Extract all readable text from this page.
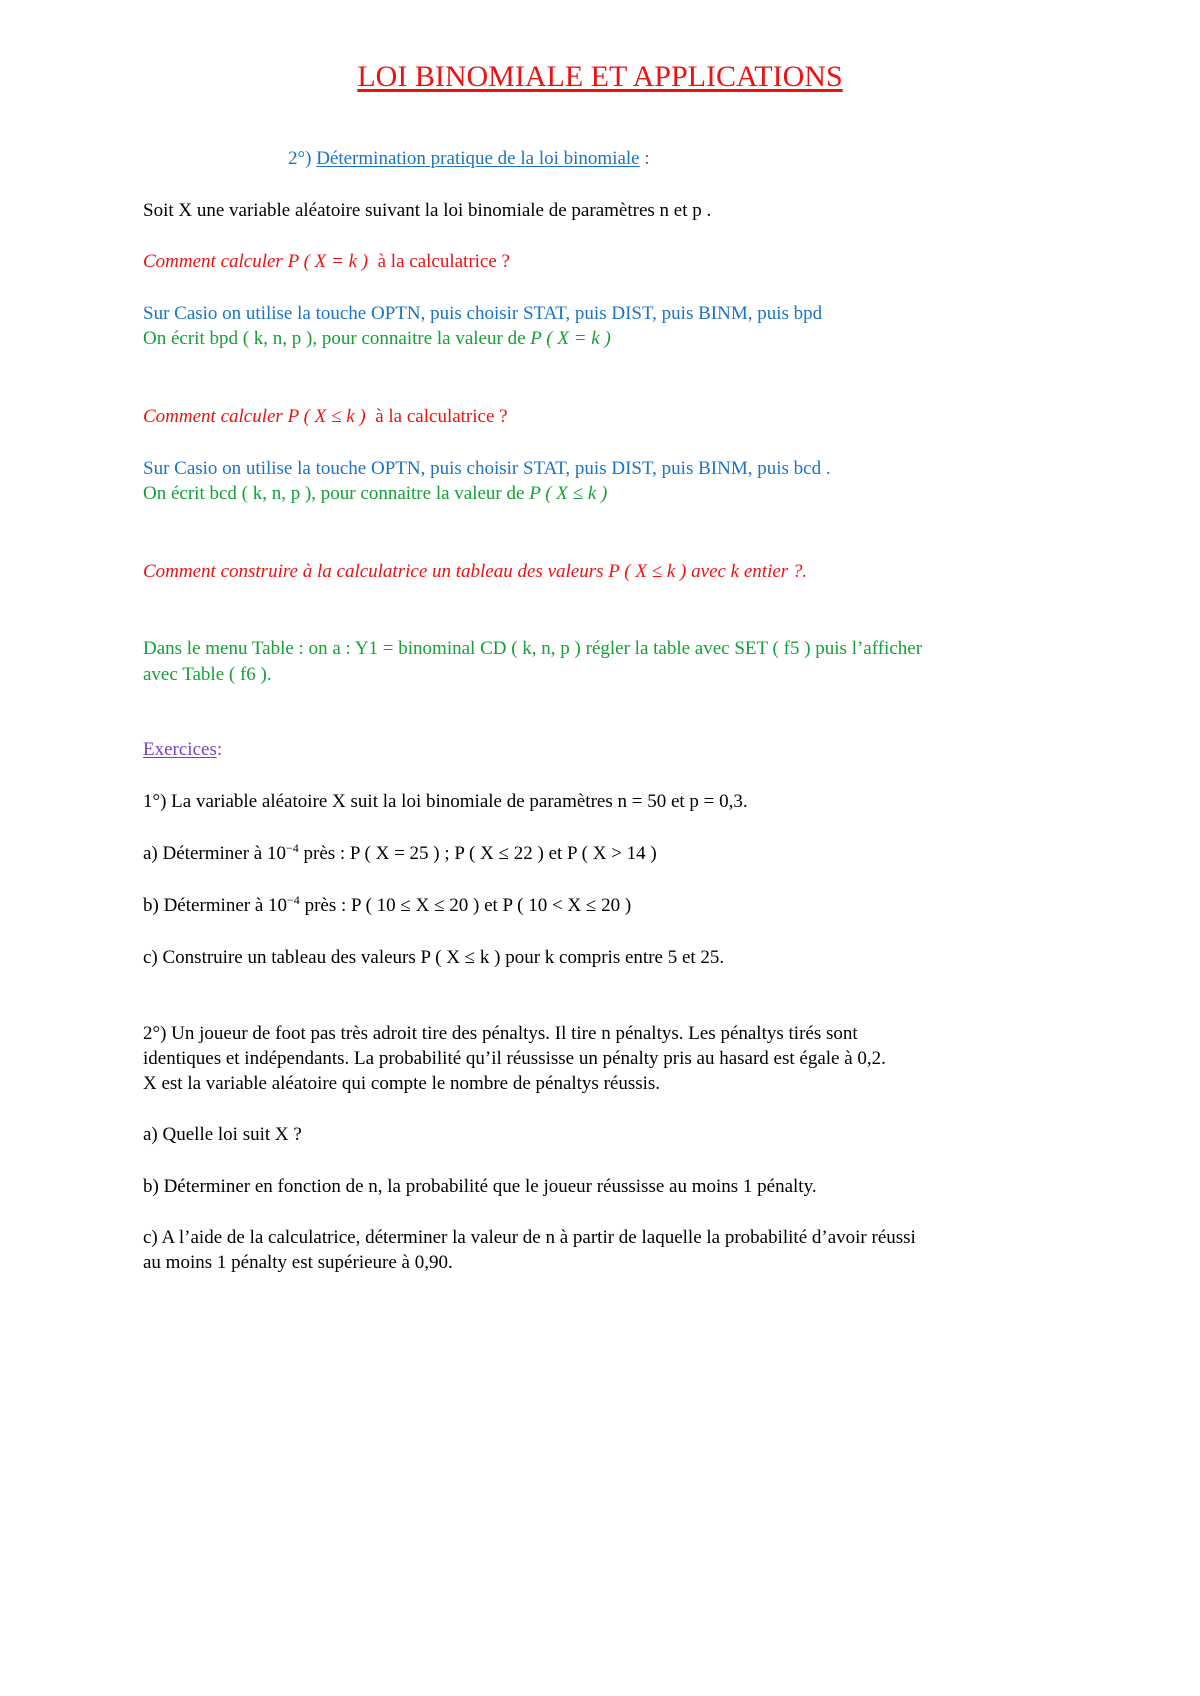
LOI BINOMIALE ET APPLICATIONS
2°) Détermination pratique de la loi binomiale :
Soit X une variable aléatoire suivant la loi binomiale de paramètres n et p .
Comment calculer P ( X = k )  à la calculatrice ?
Sur Casio on utilise la touche OPTN, puis choisir STAT, puis DIST, puis BINM, puis bpd
On écrit bpd ( k, n, p ), pour connaitre la valeur de P ( X = k )
Comment calculer P ( X ≤ k )  à la calculatrice ?
Sur Casio on utilise la touche OPTN, puis choisir STAT, puis DIST, puis BINM, puis bcd .
On écrit bcd ( k, n, p ), pour connaitre la valeur de P ( X ≤ k )
Comment construire à la calculatrice un tableau des valeurs P ( X ≤ k ) avec k entier ?.
Dans le menu Table : on a : Y1 = binominal CD ( k, n, p ) régler la table avec SET ( f5 ) puis l’afficher
avec Table ( f6 ).
Exercices:
1°) La variable aléatoire X suit la loi binomiale de paramètres n = 50 et p = 0,3.
a) Déterminer à $10^{-4}$ près : P ( X = 25 ) ; P ( X ≤ 22 ) et P ( X > 14 )
b) Déterminer à $10^{-4}$ près : P ( 10 ≤ X ≤ 20 ) et P ( 10 < X ≤ 20 )
c) Construire un tableau des valeurs P ( X ≤ k ) pour k compris entre 5 et 25.
2°) Un joueur de foot pas très adroit tire des pénaltys. Il tire n pénaltys. Les pénaltys tirés sont
identiques et indépendants. La probabilité qu’il réussisse un pénalty pris au hasard est égale à 0,2.
X est la variable aléatoire qui compte le nombre de pénaltys réussis.
a) Quelle loi suit X ?
b) Déterminer en fonction de n, la probabilité que le joueur réussisse au moins 1 pénalty.
c) A l’aide de la calculatrice, déterminer la valeur de n à partir de laquelle la probabilité d’avoir réussi
au moins 1 pénalty est supérieure à 0,90.
